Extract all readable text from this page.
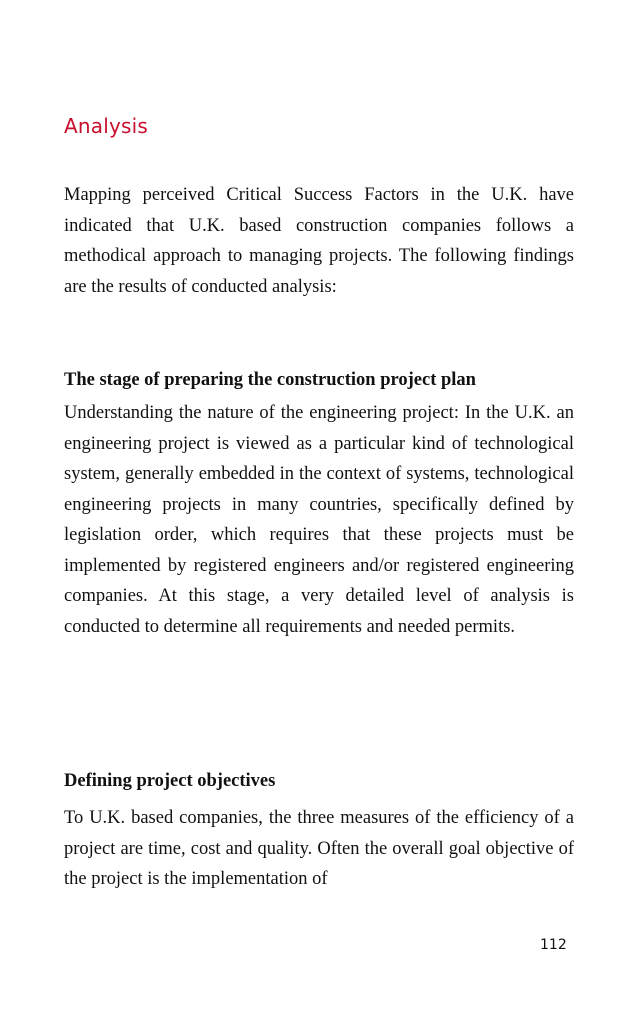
Analysis
Mapping perceived Critical Success Factors in the U.K. have indicated that U.K. based construction companies follows a methodical approach to managing projects. The following findings are the results of conducted analysis:
The stage of preparing the construction project plan
Understanding the nature of the engineering project: In the U.K. an engineering project is viewed as a particular kind of technological system, generally embedded in the context of systems, technological engineering projects in many countries, specifically defined by legislation order, which requires that these projects must be implemented by registered engineers and/or registered engineering companies. At this stage, a very detailed level of analysis is conducted to determine all requirements and needed permits.
Defining project objectives
To U.K. based companies, the three measures of the efficiency of a project are time, cost and quality. Often the overall goal objective of the project is the implementation of
112
